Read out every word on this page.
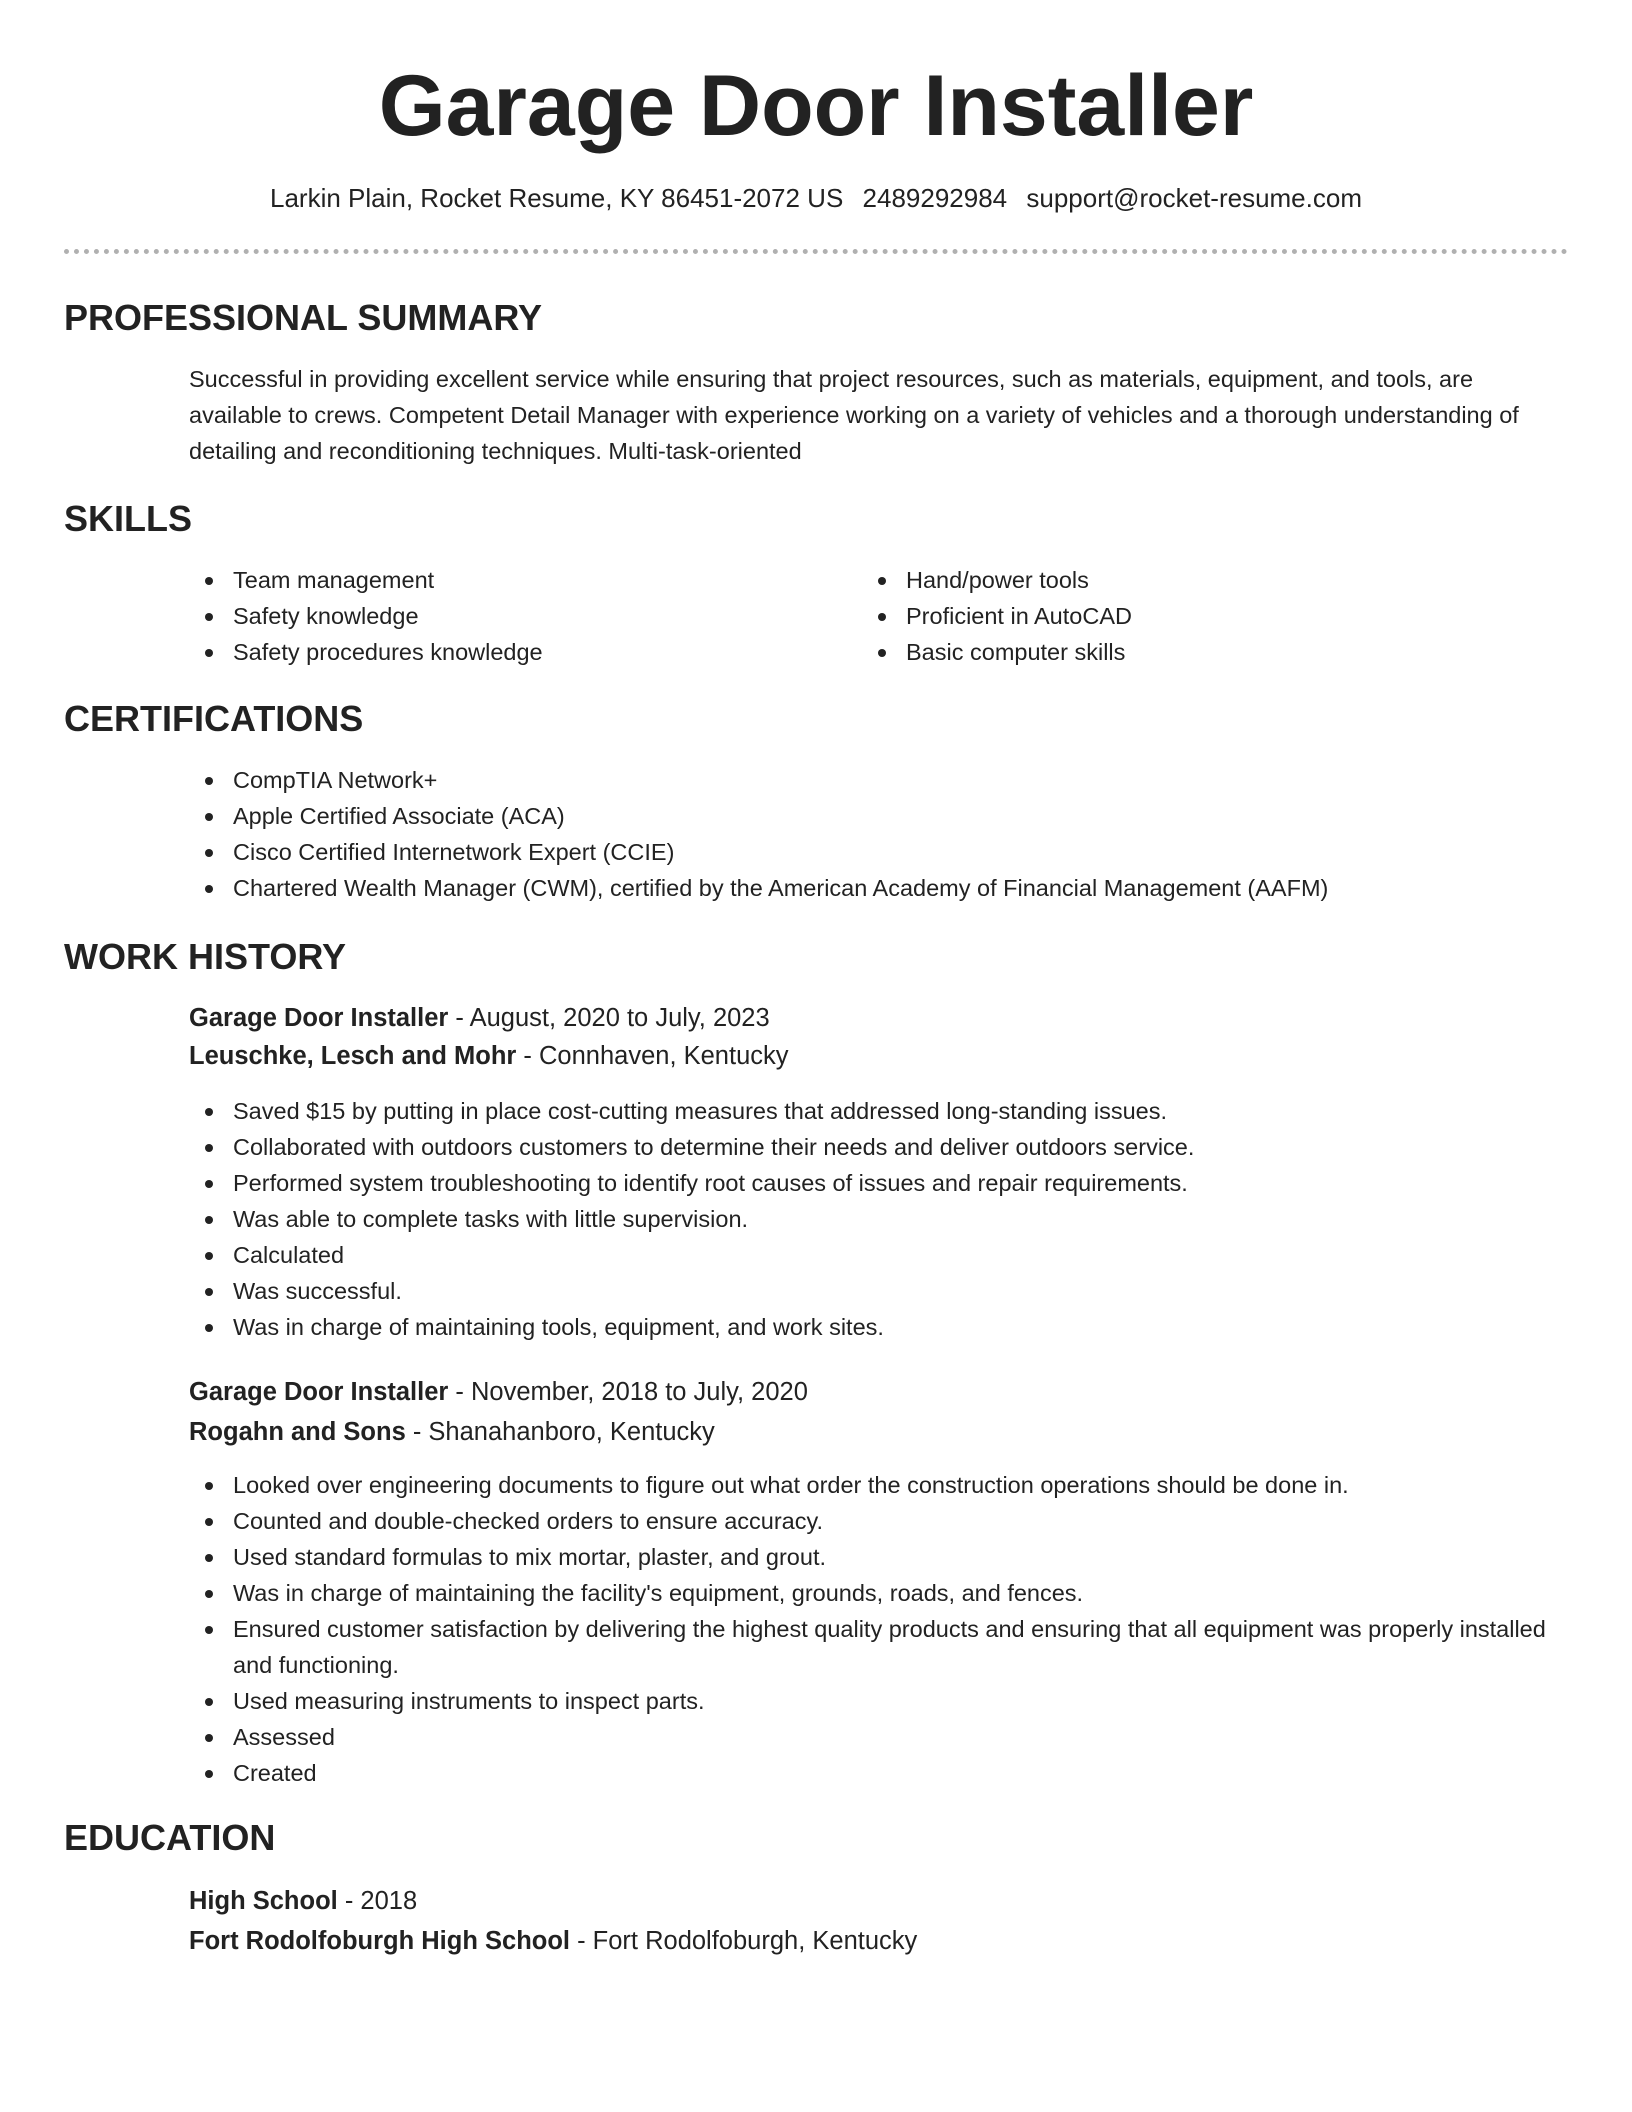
Garage Door Installer
Larkin Plain, Rocket Resume, KY 86451-2072 US 2489292984 support@rocket-resume.com
PROFESSIONAL SUMMARY

Successful in providing excellent service while ensuring that project resources, such as materials, equipment, and tools, are available to crews. Competent Detail Manager with experience working on a variety of vehicles and a thorough understanding of detailing and reconditioning techniques. Multi-task-oriented

SKILLS
Team management
Safety knowledge
Safety procedures knowledge
Hand/power tools
Proficient in AutoCAD
Basic computer skills
CERTIFICATIONS
CompTIA Network+
Apple Certified Associate (ACA)
Cisco Certified Internetwork Expert (CCIE)
Chartered Wealth Manager (CWM), certified by the American Academy of Financial Management (AAFM)
WORK HISTORY
Garage Door Installer - August, 2020 to July, 2023
Leuschke, Lesch and Mohr - Connhaven, Kentucky
Saved $15 by putting in place cost-cutting measures that addressed long-standing issues.
Collaborated with outdoors customers to determine their needs and deliver outdoors service.
Performed system troubleshooting to identify root causes of issues and repair requirements.
Was able to complete tasks with little supervision.
Calculated
Was successful.
Was in charge of maintaining tools, equipment, and work sites.
Garage Door Installer - November, 2018 to July, 2020
Rogahn and Sons - Shanahanboro, Kentucky
Looked over engineering documents to figure out what order the construction operations should be done in.
Counted and double-checked orders to ensure accuracy.
Used standard formulas to mix mortar, plaster, and grout.
Was in charge of maintaining the facility's equipment, grounds, roads, and fences.
Ensured customer satisfaction by delivering the highest quality products and ensuring that all equipment was properly installed and functioning.
Used measuring instruments to inspect parts.
Assessed
Created
EDUCATION
High School - 2018
Fort Rodolfoburgh High School - Fort Rodolfoburgh, Kentucky
